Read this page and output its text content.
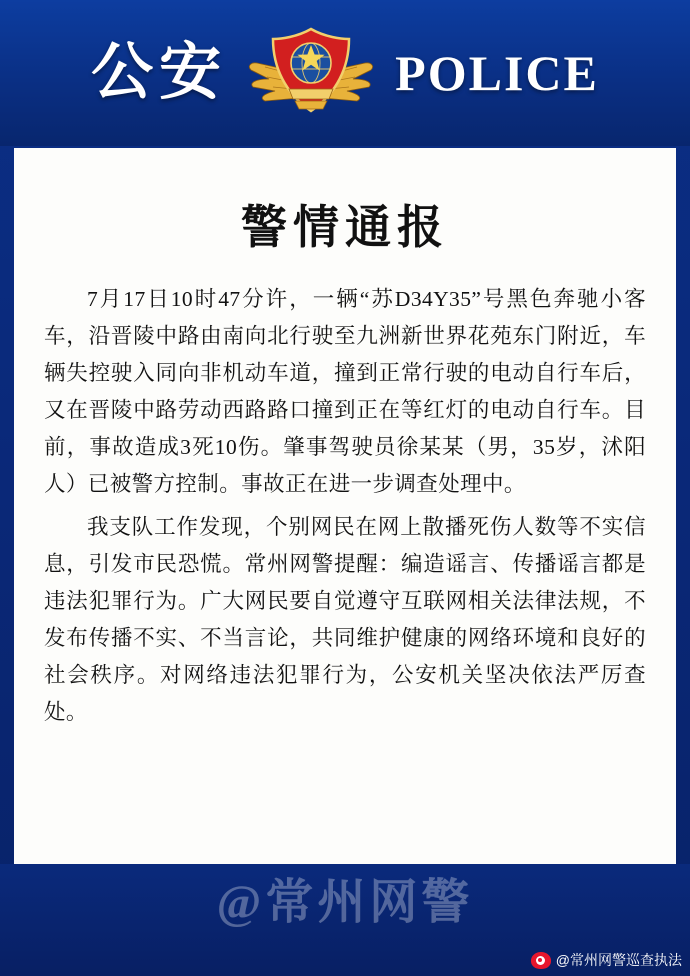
公安	POLICE
警情通报

7月17日10时47分许，一辆“苏D34Y35”号黑色奔驰小客车，沿晋陵中路由南向北行驶至九洲新世界花苑东门附近，车辆失控驶入同向非机动车道，撞到正常行驶的电动自行车后，又在晋陵中路劳动西路路口撞到正在等红灯的电动自行车。目前，事故造成3死10伤。肇事驾驶员徐某某（男，35岁，沭阳人）已被警方控制。事故正在进一步调查处理中。

我支队工作发现，个别网民在网上散播死伤人数等不实信息，引发市民恐慌。常州网警提醒：编造谣言、传播谣言都是违法犯罪行为。广大网民要自觉遵守互联网相关法律法规，不发布传播不实、不当言论，共同维护健康的网络环境和良好的社会秩序。对网络违法犯罪行为，公安机关坚决依法严厉查处。

@常州网警
@常州网警巡查执法
